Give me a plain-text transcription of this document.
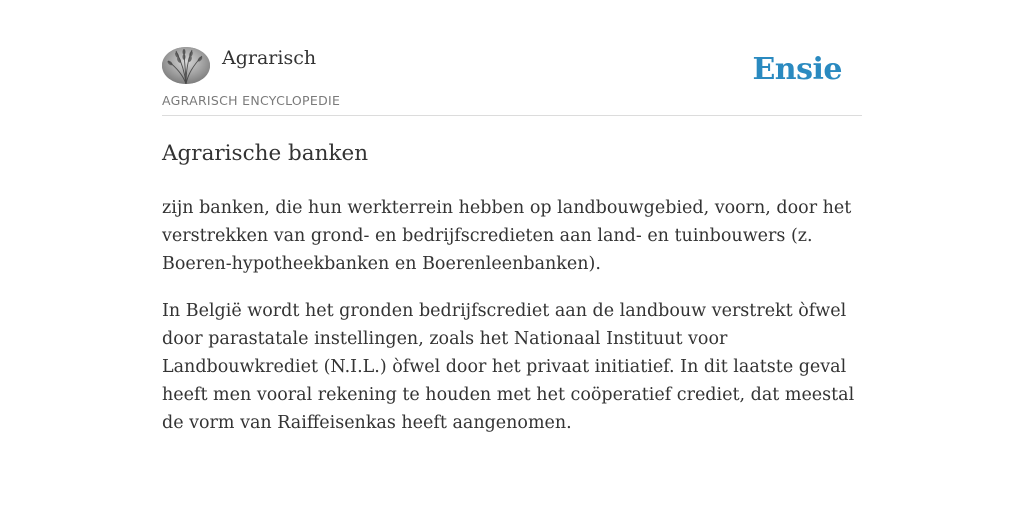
Agrarisch
AGRARISCH ENCYCLOPEDIE
Ensie
Agrarische banken

zijn banken, die hun werkterrein hebben op landbouwgebied, voorn, door het verstrekken van grond- en bedrijfscredieten aan land- en tuinbouwers (z. Boeren-hypotheekbanken en Boerenleenbanken).

In België wordt het gronden bedrijfscrediet aan de landbouw verstrekt òfwel door parastatale instellingen, zoals het Nationaal Instituut voor Landbouwkrediet (N.I.L.) òfwel door het privaat initiatief. In dit laatste geval heeft men vooral rekening te houden met het coöperatief crediet, dat meestal de vorm van Raiffeisenkas heeft aangenomen.
